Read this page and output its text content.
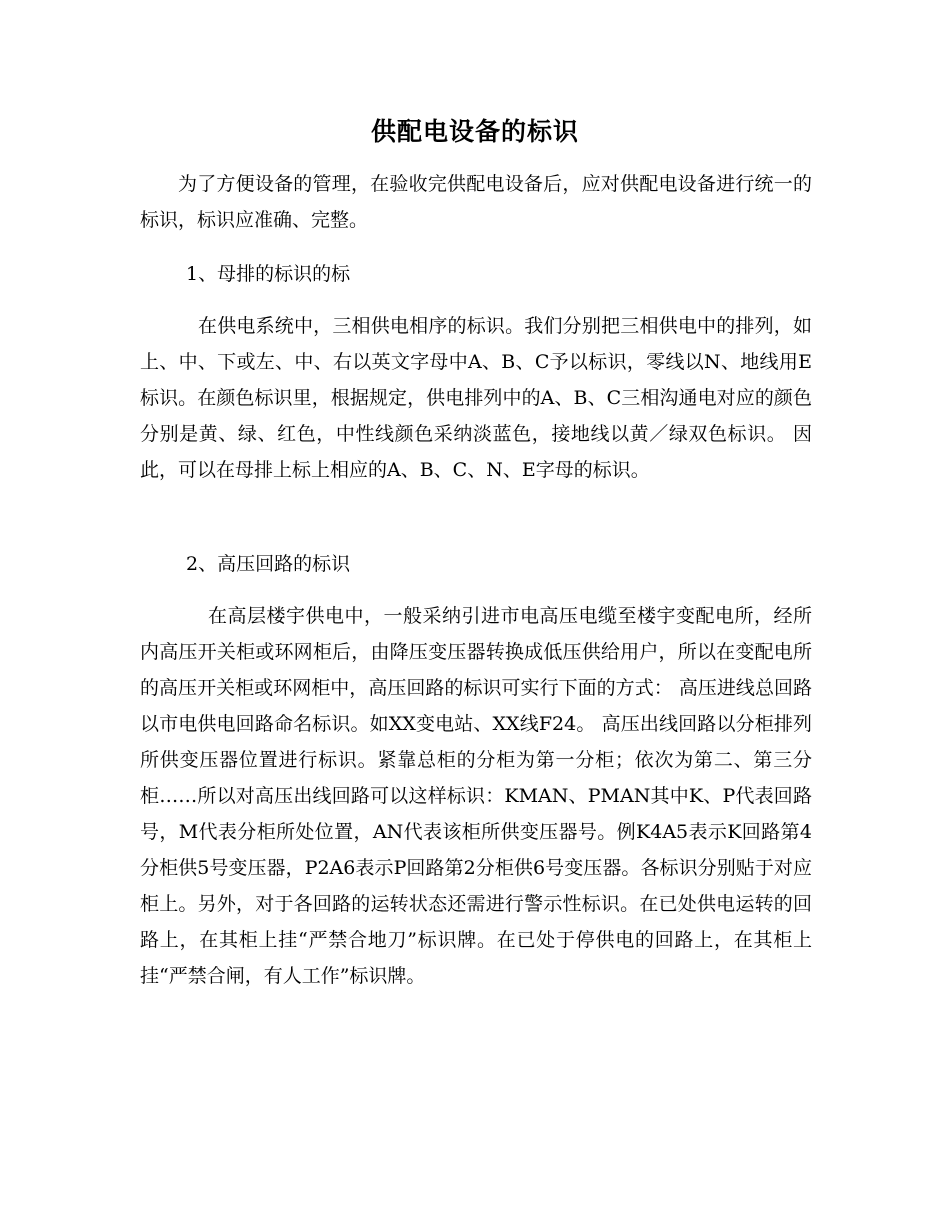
供配电设备的标识

为了方便设备的管理，在验收完供配电设备后，应对供配电设备进行统一的标识，标识应准确、完整。

1、母排的标识的标

在供电系统中，三相供电相序的标识。我们分别把三相供电中的排列，如上、中、下或左、中、右以英文字母中A、B、C予以标识，零线以N、地线用E标识。在颜色标识里，根据规定，供电排列中的A、B、C三相沟通电对应的颜色分别是黄、绿、红色，中性线颜色采纳淡蓝色，接地线以黄／绿双色标识。 因此，可以在母排上标上相应的A、B、C、N、E字母的标识。

2、高压回路的标识

在高层楼宇供电中，一般采纳引进市电高压电缆至楼宇变配电所，经所内高压开关柜或环网柜后，由降压变压器转换成低压供给用户，所以在变配电所的高压开关柜或环网柜中，高压回路的标识可实行下面的方式： 高压进线总回路以市电供电回路命名标识。如XX变电站、XX线F24。 高压出线回路以分柜排列所供变压器位置进行标识。紧靠总柜的分柜为第一分柜；依次为第二、第三分柜……所以对高压出线回路可以这样标识：KMAN、PMAN其中K、P代表回路号，M代表分柜所处位置，AN代表该柜所供变压器号。例K4A5表示K回路第4分柜供5号变压器，P2A6表示P回路第2分柜供6号变压器。各标识分别贴于对应柜上。另外，对于各回路的运转状态还需进行警示性标识。在已处供电运转的回路上，在其柜上挂“严禁合地刀”标识牌。在已处于停供电的回路上，在其柜上挂“严禁合闸，有人工作”标识牌。
